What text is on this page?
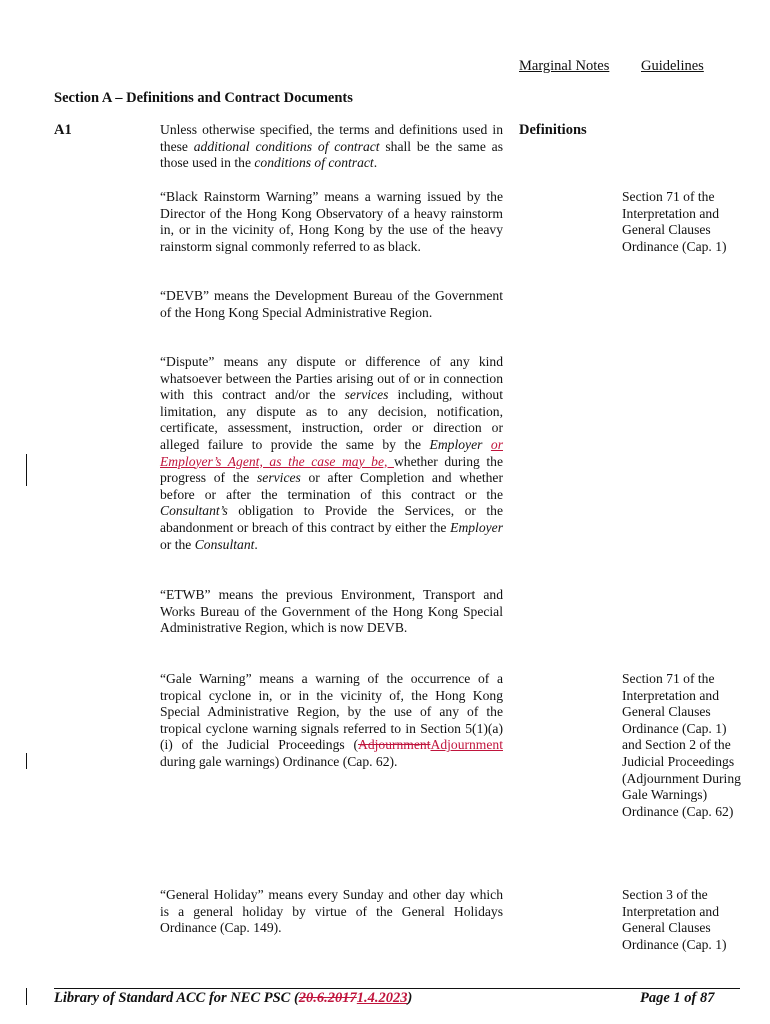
Marginal Notes Guidelines
Section A – Definitions and Contract Documents
A1	Definitions
Unless otherwise specified, the terms and definitions used in these additional conditions of contract shall be the same as those used in the conditions of contract.
“Black Rainstorm Warning” means a warning issued by the Director of the Hong Kong Observatory of a heavy rainstorm in, or in the vicinity of, Hong Kong by the use of the heavy rainstorm signal commonly referred to as black.
Section 71 of the Interpretation and General Clauses Ordinance (Cap. 1)
“DEVB” means the Development Bureau of the Government of the Hong Kong Special Administrative Region.
“Dispute” means any dispute or difference of any kind whatsoever between the Parties arising out of or in connection with this contract and/or the services including, without limitation, any dispute as to any decision, notification, certificate, assessment, instruction, order or direction or alleged failure to provide the same by the Employer or Employer’s Agent, as the case may be, whether during the progress of the services or after Completion and whether before or after the termination of this contract or the Consultant’s obligation to Provide the Services, or the abandonment or breach of this contract by either the Employer or the Consultant.
“ETWB” means the previous Environment, Transport and Works Bureau of the Government of the Hong Kong Special Administrative Region, which is now DEVB.
“Gale Warning” means a warning of the occurrence of a tropical cyclone in, or in the vicinity of, the Hong Kong Special Administrative Region, by the use of any of the tropical cyclone warning signals referred to in Section 5(1)(a)(i) of the Judicial Proceedings (AdjournmentAdjournment during gale warnings) Ordinance (Cap. 62).
Section 71 of the Interpretation and General Clauses Ordinance (Cap. 1) and Section 2 of the Judicial Proceedings (Adjournment During Gale Warnings) Ordinance (Cap. 62)
“General Holiday” means every Sunday and other day which is a general holiday by virtue of the General Holidays Ordinance (Cap. 149).
Section 3 of the Interpretation and General Clauses Ordinance (Cap. 1)
Library of Standard ACC for NEC PSC (20.6.20171.4.2023)	Page 1 of 87
